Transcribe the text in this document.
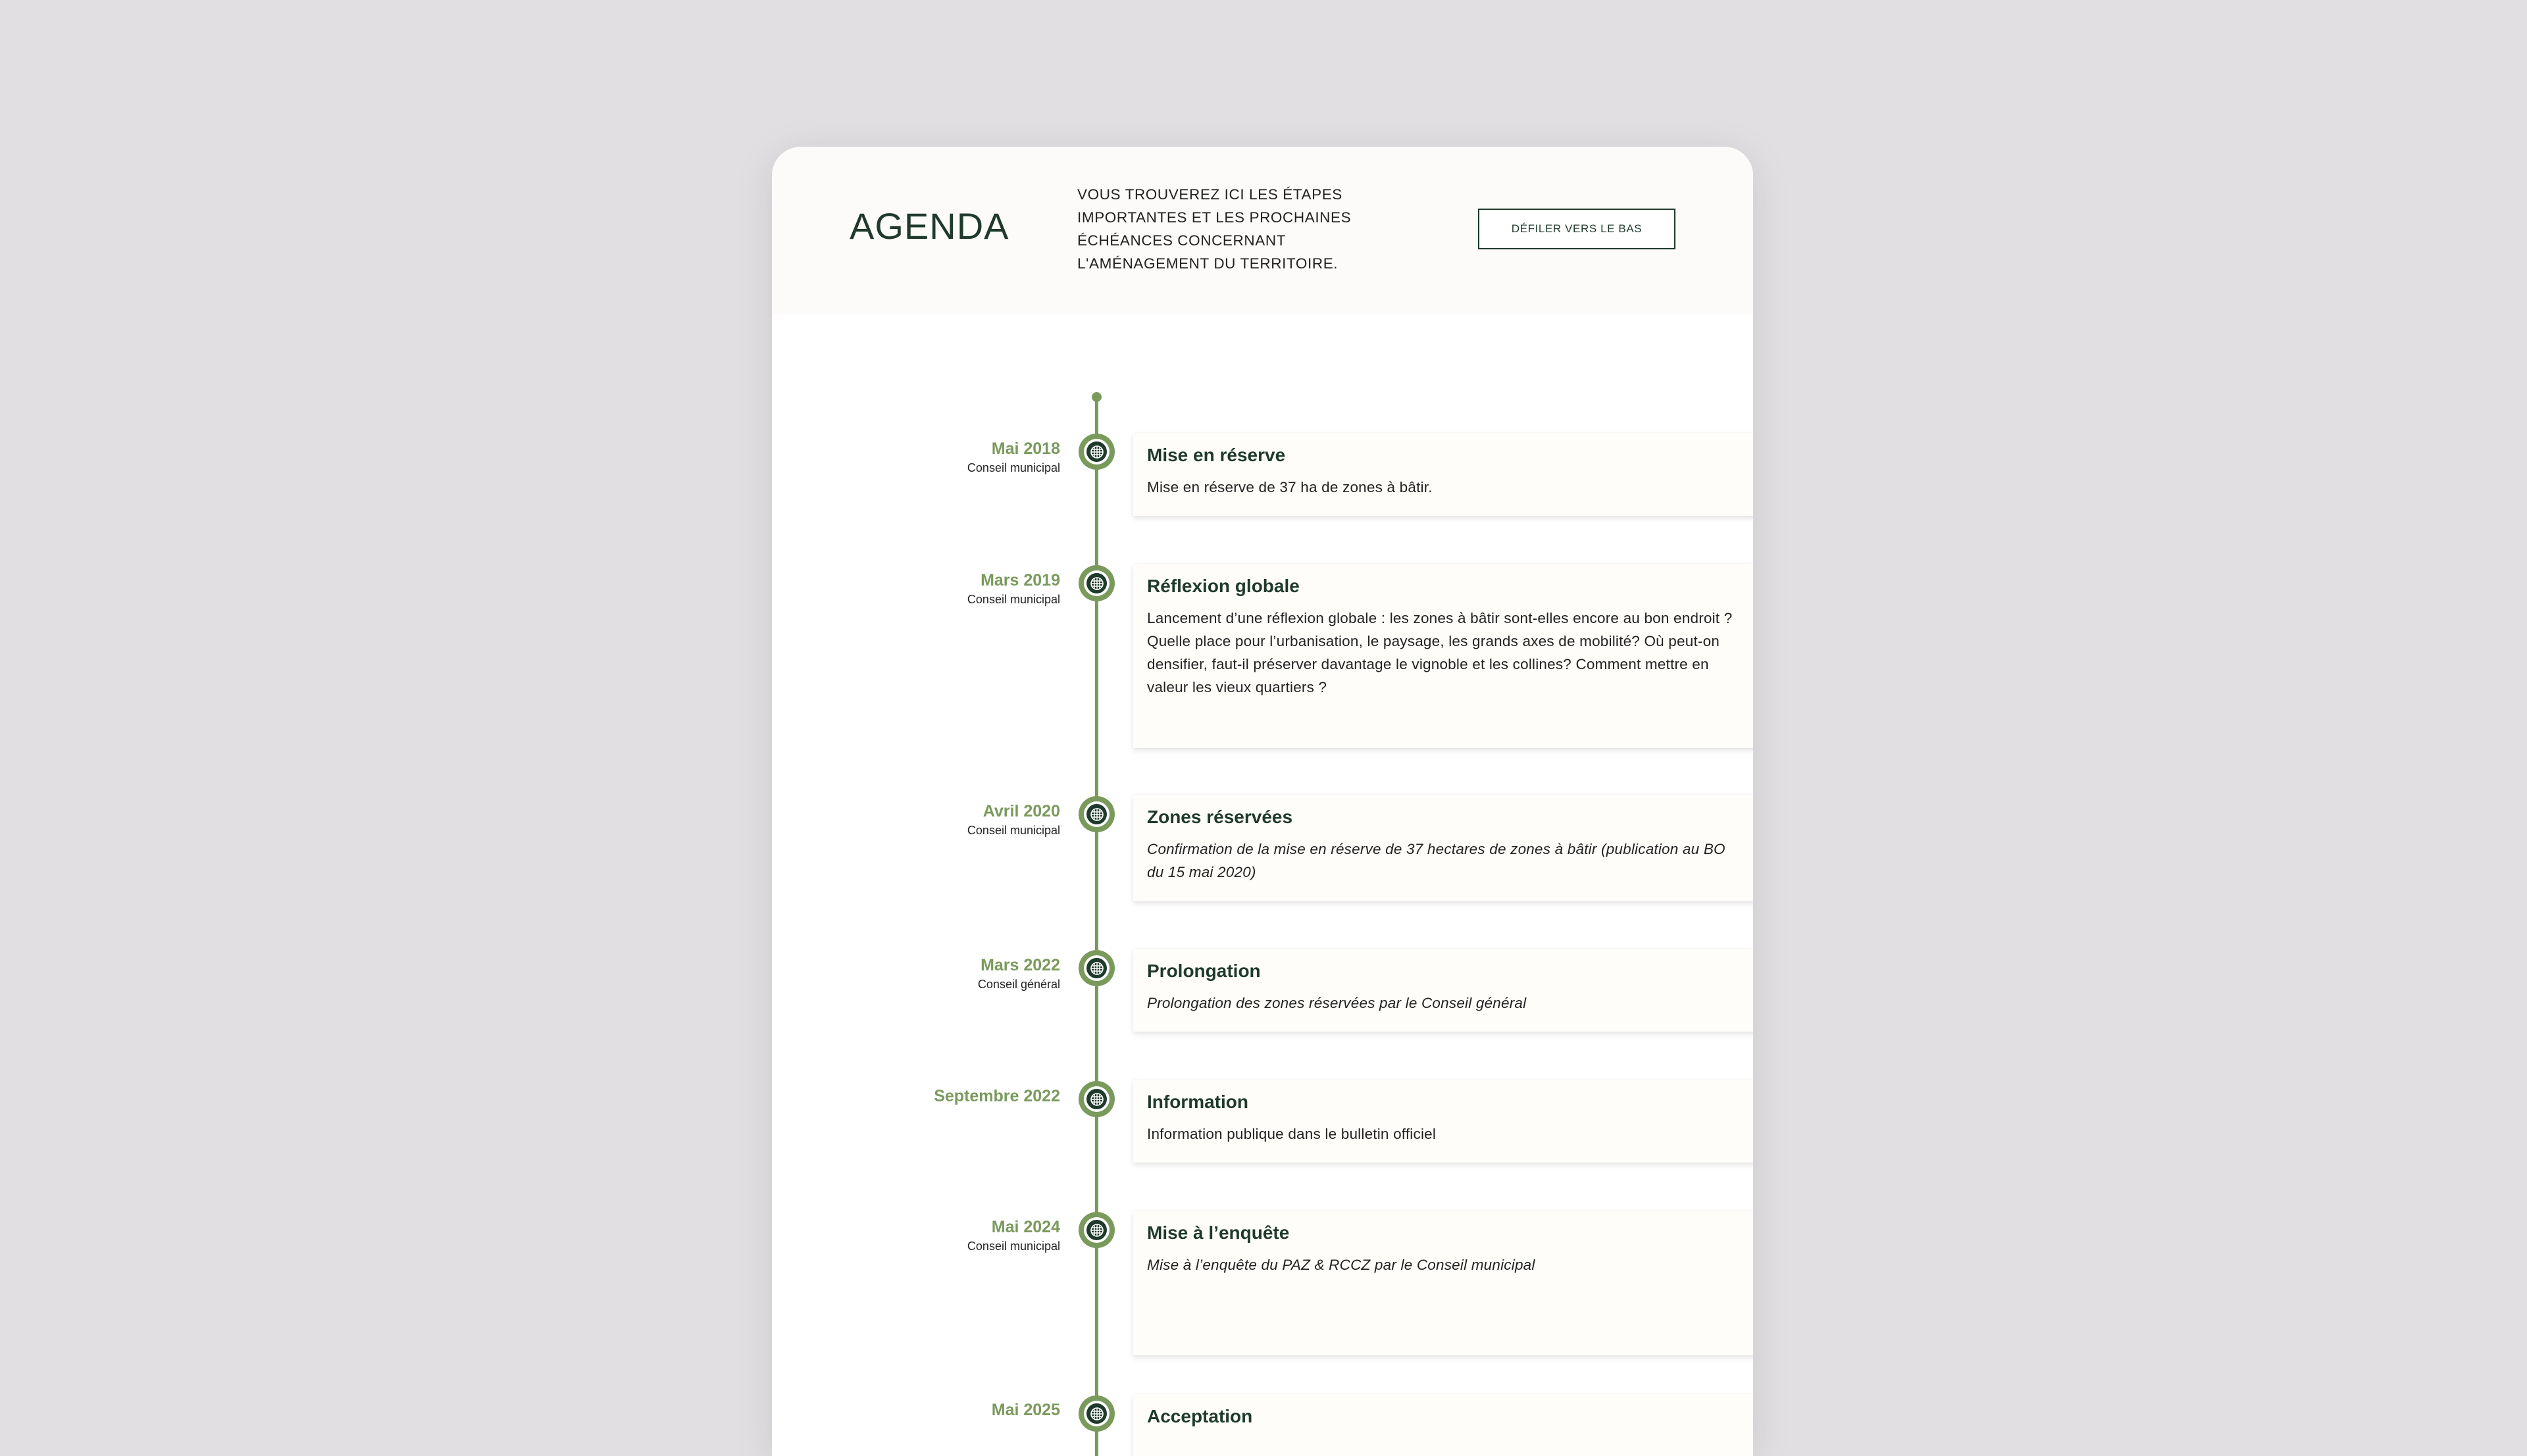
AGENDA
VOUS TROUVEREZ ICI LES ÉTAPES IMPORTANTES ET LES PROCHAINES ÉCHÉANCES CONCERNANT L'AMÉNAGEMENT DU TERRITOIRE.
DÉFILER VERS LE BAS
Mai 2018
Conseil municipal
Mise en réserve
Mise en réserve de 37 ha de zones à bâtir.
Mars 2019
Conseil municipal
Réflexion globale
Lancement d’une réflexion globale : les zones à bâtir sont-elles encore au bon endroit ? Quelle place pour l’urbanisation, le paysage, les grands axes de mobilité? Où peut-on densifier, faut-il préserver davantage le vignoble et les collines? Comment mettre en valeur les vieux quartiers ?
Avril 2020
Conseil municipal
Zones réservées
Confirmation de la mise en réserve de 37 hectares de zones à bâtir (publication au BO du 15 mai 2020)
Mars 2022
Conseil général
Prolongation
Prolongation des zones réservées par le Conseil général
Septembre 2022	Information
Information publique dans le bulletin officiel
Mai 2024
Conseil municipal
Mise à l’enquête
Mise à l’enquête du PAZ & RCCZ par le Conseil municipal
Mai 2025	Acceptation
